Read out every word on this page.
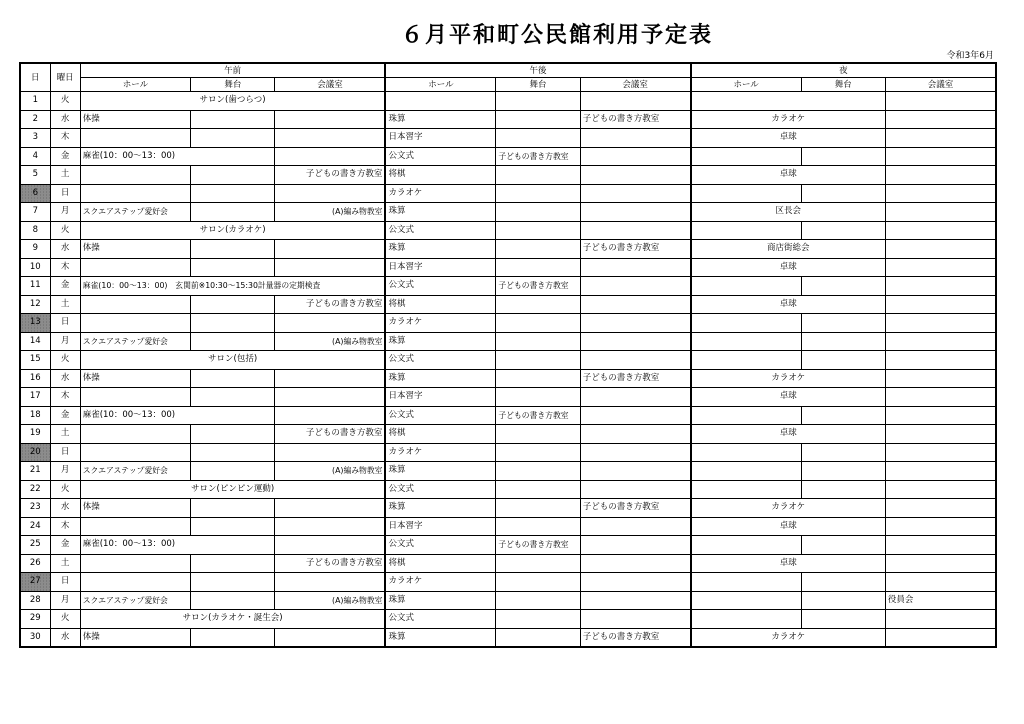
６月平和町公民館利用予定表
令和3年6月
日	曜日	午前			午後			夜		
		ホール	舞台	会議室	ホール	舞台	会議室	ホール	舞台	会議室
1	火	サロン(歯つらつ)								
2	水	体操			珠算		子どもの書き方教室	カラオケ		
3	木				日本習字			卓球		
4	金	麻雀(10：00～13：00)			公文式	子どもの書き方教室				
5	土			子どもの書き方教室	将棋			卓球		
6	日				カラオケ					
7	月	スクエアステップ愛好会		(A)編み物教室	珠算			区長会		
8	火	サロン(カラオケ)			公文式					
9	水	体操			珠算		子どもの書き方教室	商店街総会		
10	木				日本習字			卓球		
11	金	麻雀(10：00～13：00)　玄関前※10:30～15:30計量器の定期検査			公文式	子どもの書き方教室				
12	土			子どもの書き方教室	将棋			卓球		
13	日				カラオケ					
14	月	スクエアステップ愛好会		(A)編み物教室	珠算					
15	火	サロン(包括)			公文式					
16	水	体操			珠算		子どもの書き方教室	カラオケ		
17	木				日本習字			卓球		
18	金	麻雀(10：00～13：00)			公文式	子どもの書き方教室				
19	土			子どもの書き方教室	将棋			卓球		
20	日				カラオケ					
21	月	スクエアステップ愛好会		(A)編み物教室	珠算					
22	火	サロン(ピンピン運動)			公文式					
23	水	体操			珠算		子どもの書き方教室	カラオケ		
24	木				日本習字			卓球		
25	金	麻雀(10：00～13：00)			公文式	子どもの書き方教室				
26	土			子どもの書き方教室	将棋			卓球		
27	日				カラオケ					
28	月	スクエアステップ愛好会		(A)編み物教室	珠算					役員会
29	火	サロン(カラオケ・誕生会)			公文式					
30	水	体操			珠算		子どもの書き方教室	カラオケ		
